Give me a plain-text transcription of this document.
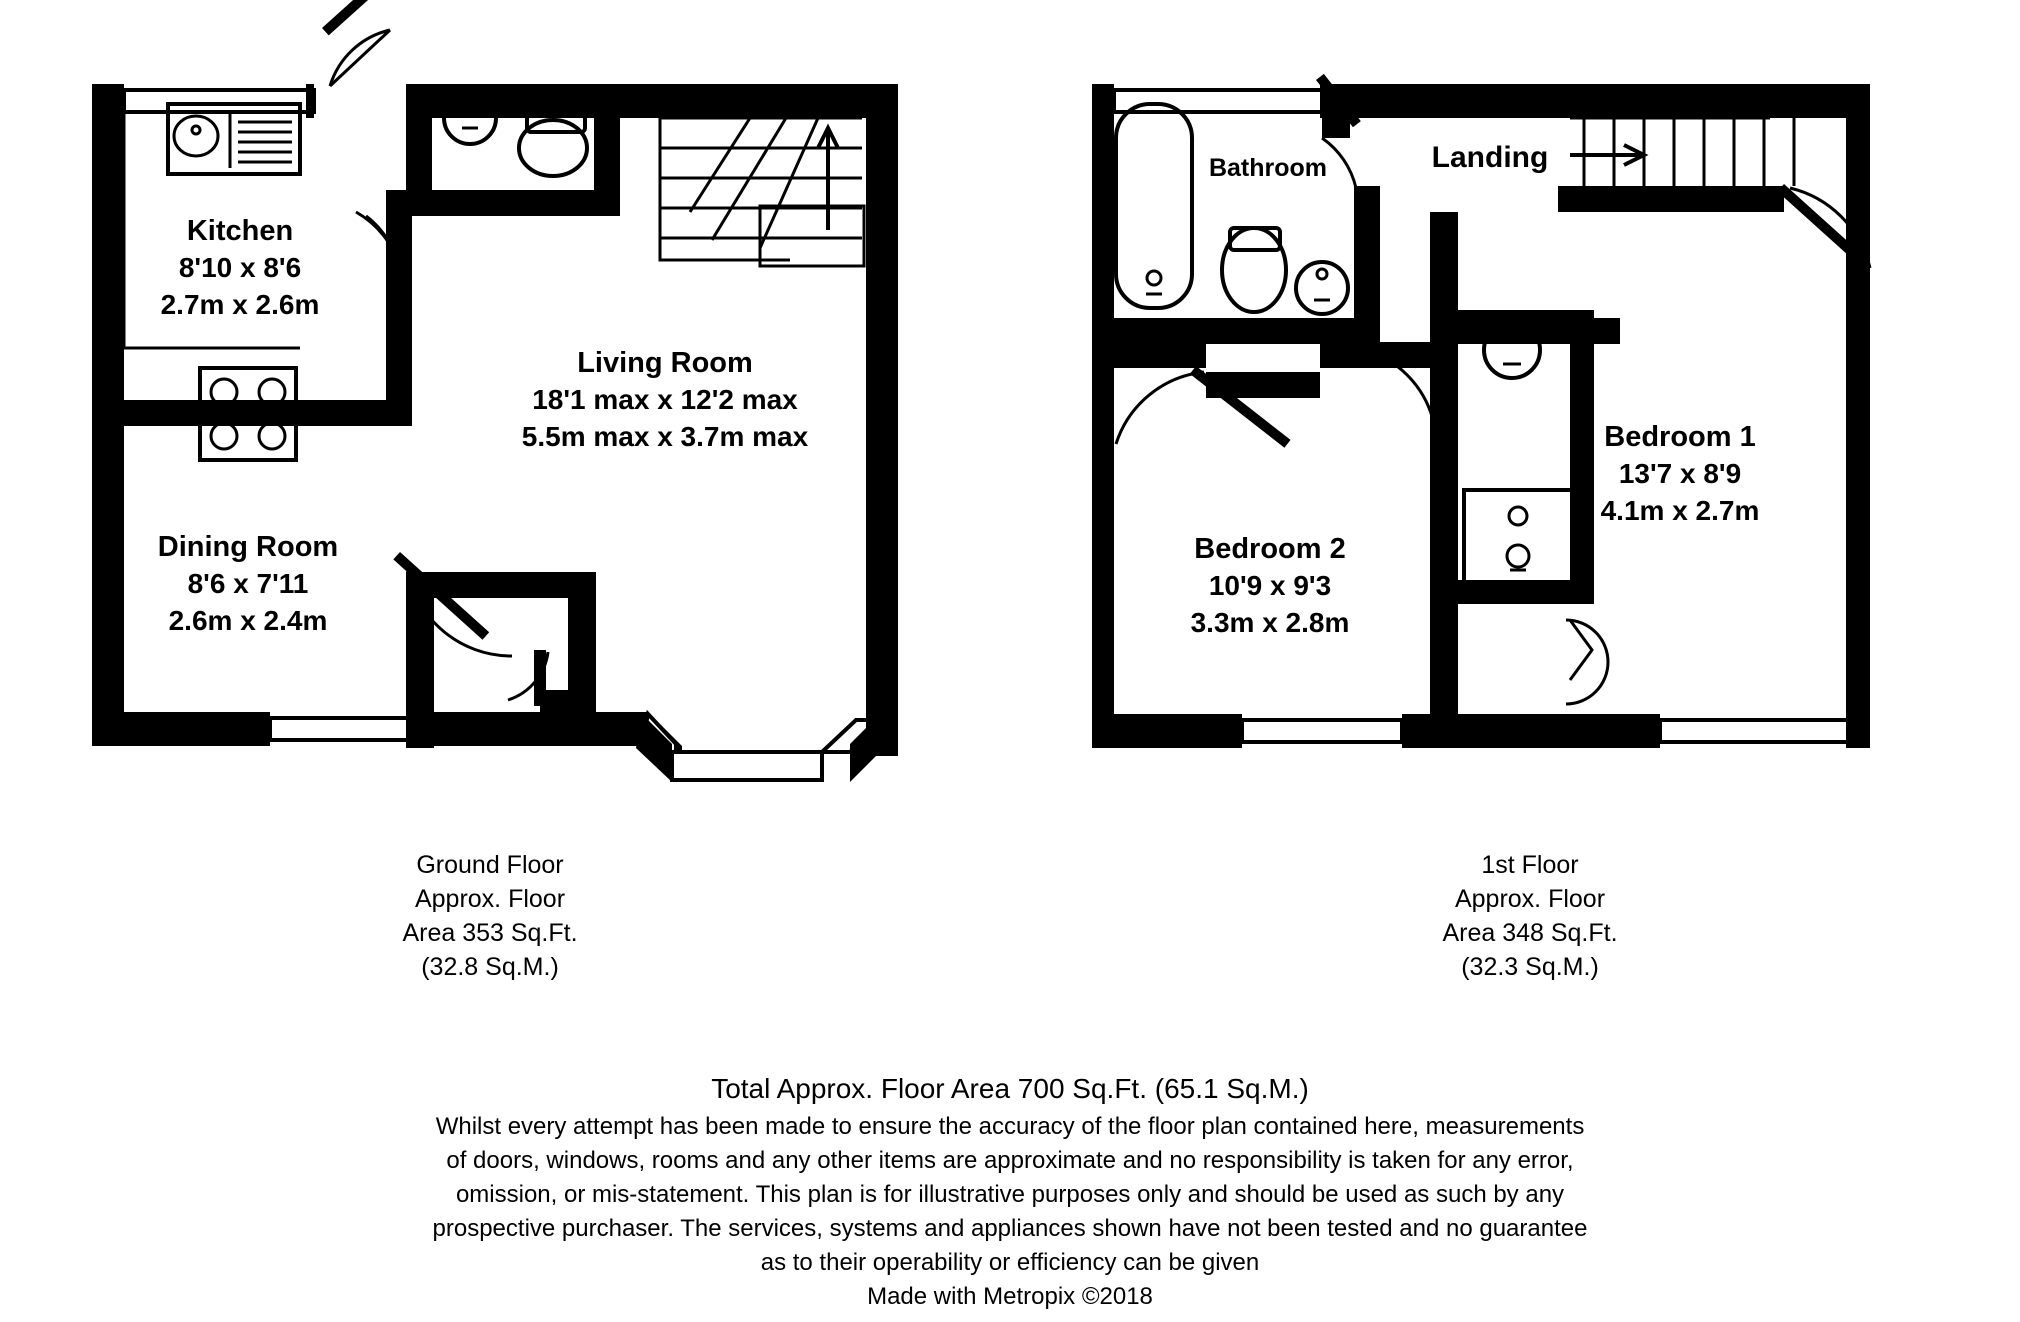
Kitchen
8'10 x 8'6
2.7m x 2.6m
Living Room
18'1 max x 12'2 max
5.5m max x 3.7m max
Dining Room
8'6 x 7'11
2.6m x 2.4m
Bathroom	Landing
Bedroom 1
13'7 x 8'9
4.1m x 2.7m
Bedroom 2
10'9 x 9'3
3.3m x 2.8m
Ground Floor
Approx. Floor
Area 353 Sq.Ft.
(32.8 Sq.M.)
1st Floor
Approx. Floor
Area 348 Sq.Ft.
(32.3 Sq.M.)
Total Approx. Floor Area 700 Sq.Ft. (65.1 Sq.M.)
Whilst every attempt has been made to ensure the accuracy of the floor plan contained here, measurements
of doors, windows, rooms and any other items are approximate and no responsibility is taken for any error,
omission, or mis-statement. This plan is for illustrative purposes only and should be used as such by any
prospective purchaser. The services, systems and appliances shown have not been tested and no guarantee
as to their operability or efficiency can be given
Made with Metropix ©2018
